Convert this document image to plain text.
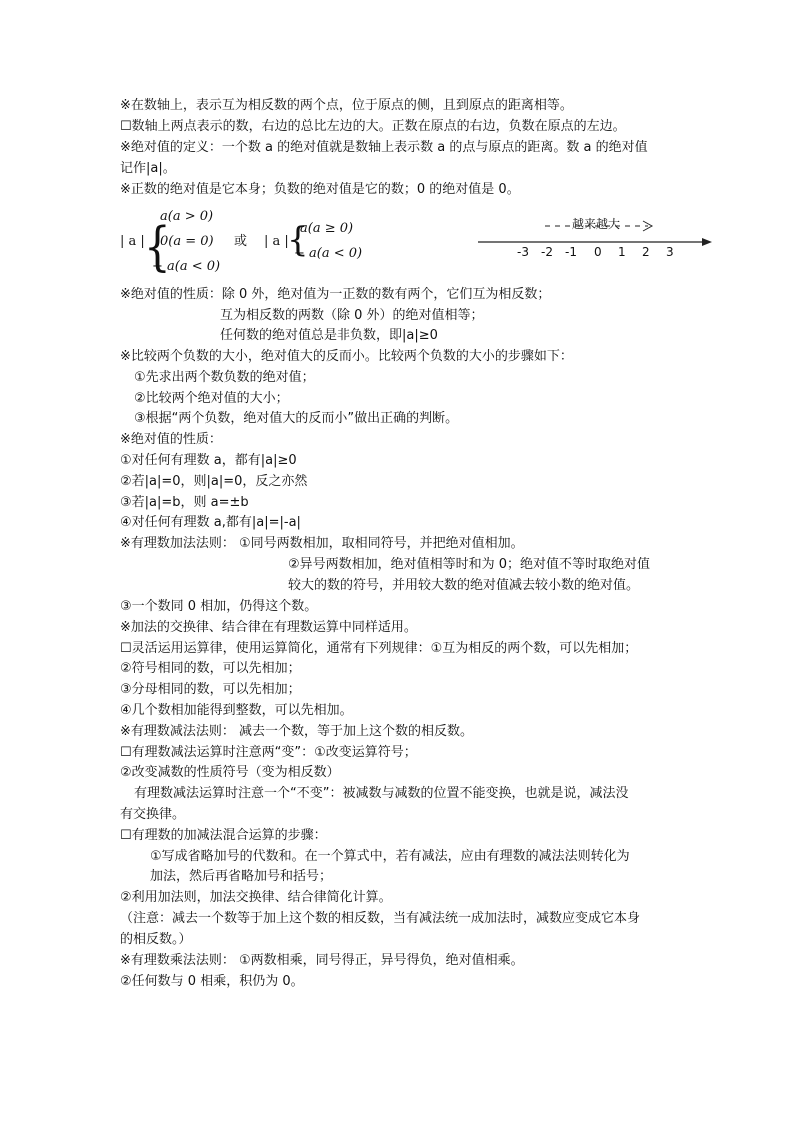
※在数轴上，表示互为相反数的两个点，位于原点的侧，且到原点的距离相等。
☐数轴上两点表示的数，右边的总比左边的大。正数在原点的右边，负数在原点的左边。
※绝对值的定义：一个数 a 的绝对值就是数轴上表示数 a 的点与原点的距离。数 a 的绝对值
记作|a|。
※正数的绝对值是它本身；负数的绝对值是它的数；0 的绝对值是 0。
| a | {
a(a > 0)
0(a = 0)
− a(a < 0)
或 | a |
{
a(a ≥ 0)
− a(a < 0)
越来越大
-3 -2 -1 0 1 2 3
※绝对值的性质：除 0 外，绝对值为一正数的数有两个，它们互为相反数；
互为相反数的两数（除 0 外）的绝对值相等；
任何数的绝对值总是非负数，即|a|≥0
※比较两个负数的大小，绝对值大的反而小。比较两个负数的大小的步骤如下：
①先求出两个数负数的绝对值；
②比较两个绝对值的大小；
③根据“两个负数，绝对值大的反而小”做出正确的判断。
※绝对值的性质：
①对任何有理数 a，都有|a|≥0
②若|a|=0，则|a|=0，反之亦然
③若|a|=b，则 a=±b
④对任何有理数 a,都有|a|=|-a|
※有理数加法法则： ①同号两数相加，取相同符号，并把绝对值相加。
②异号两数相加，绝对值相等时和为 0；绝对值不等时取绝对值
较大的数的符号，并用较大数的绝对值减去较小数的绝对值。
③一个数同 0 相加，仍得这个数。
※加法的交换律、结合律在有理数运算中同样适用。
☐灵活运用运算律，使用运算简化，通常有下列规律：①互为相反的两个数，可以先相加；
②符号相同的数，可以先相加；
③分母相同的数，可以先相加；
④几个数相加能得到整数，可以先相加。
※有理数减法法则： 减去一个数，等于加上这个数的相反数。
☐有理数减法运算时注意两“变”：①改变运算符号；
②改变减数的性质符号（变为相反数）
有理数减法运算时注意一个“不变”：被减数与减数的位置不能变换，也就是说，减法没
有交换律。
☐有理数的加减法混合运算的步骤：
①写成省略加号的代数和。在一个算式中，若有减法，应由有理数的减法法则转化为
加法，然后再省略加号和括号；
②利用加法则，加法交换律、结合律简化计算。
（注意：减去一个数等于加上这个数的相反数，当有减法统一成加法时，减数应变成它本身
的相反数。）
※有理数乘法法则： ①两数相乘，同号得正，异号得负，绝对值相乘。
②任何数与 0 相乘，积仍为 0。
